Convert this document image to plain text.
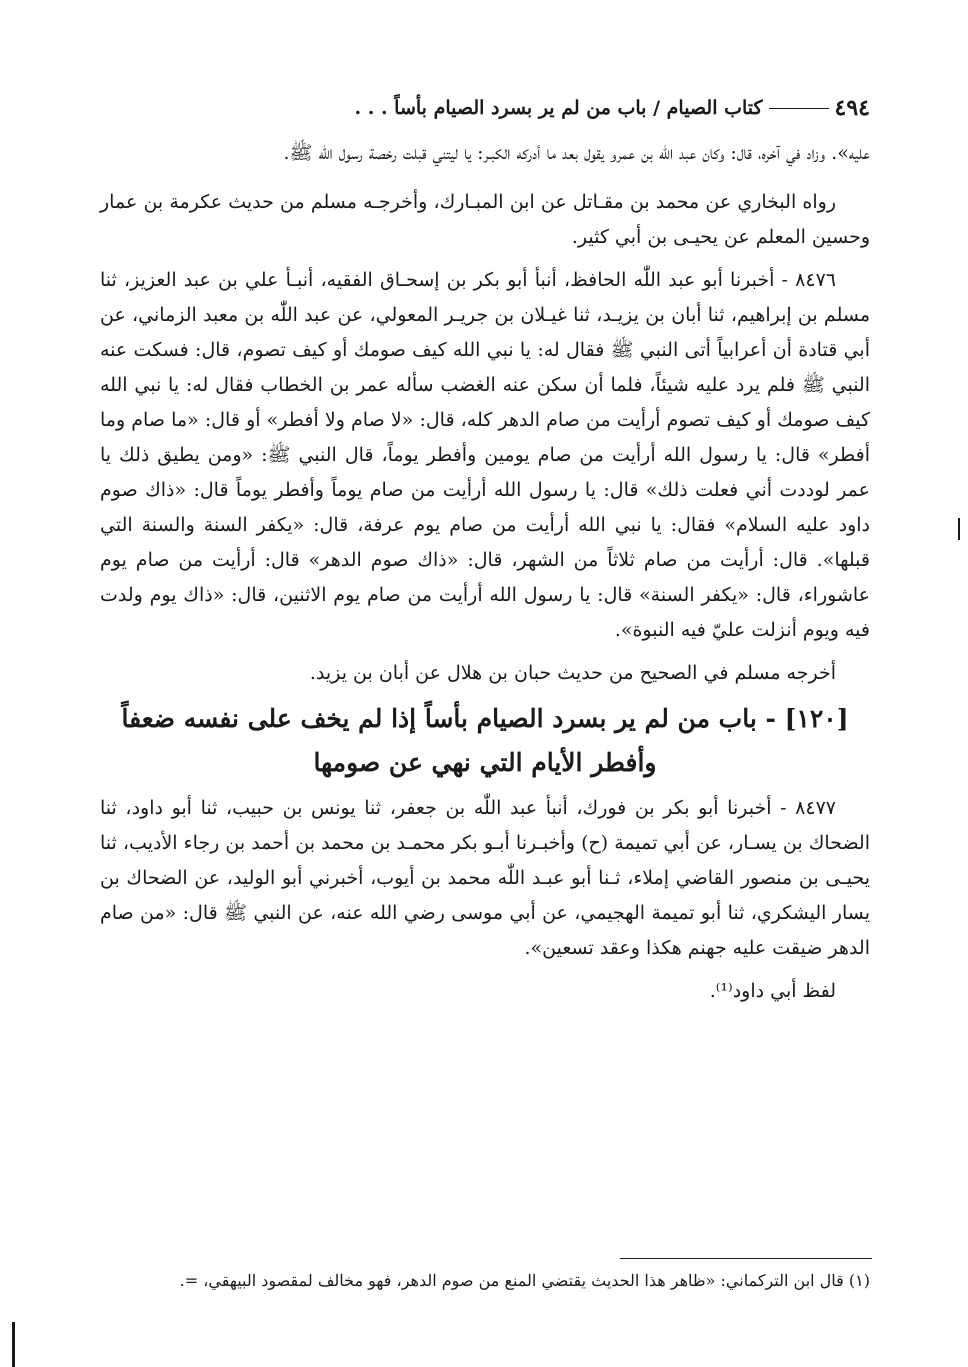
٤٩٤
كتاب الصيام / باب من لم ير بسرد الصيام بأساً . . .

عليه». وزاد في آخره، قال: وكان عبد اللّٰه بن عمرو يقول بعد ما أدركه الكبـر: يا ليتني قبلت رخصة رسول الله ﷺ.

رواه البخاري عن محمد بن مقـاتل عن ابن المبـارك، وأخرجـه مسلم من حديث عكرمة بن عمار وحسين المعلم عن يحيـى بن أبي كثير.

٨٤٧٦ - أخبرنا أبو عبد اللّٰه الحافظ، أنبأ أبو بكر بن إسحـاق الفقيه، أنبـأ علي بن عبد العزيز، ثنا مسلم بن إبراهيم، ثنا أبان بن يزيـد، ثنا غيـلان بن جريـر المعولي، عن عبد اللّٰه بن معبد الزماني، عن أبي قتادة أن أعرابياً أتى النبي ﷺ فقال له: يا نبي الله كيف صومك أو كيف تصوم، قال: فسكت عنه النبي ﷺ فلم يرد عليه شيئاً، فلما أن سكن عنه الغضب سأله عمر بن الخطاب فقال له: يا نبي الله كيف صومك أو كيف تصوم أرأيت من صام الدهر كله، قال: «لا صام ولا أفطر» أو قال: «ما صام وما أفطر» قال: يا رسول الله أرأيت من صام يومين وأفطر يوماً، قال النبي ﷺ: «ومن يطيق ذلك يا عمر لوددت أني فعلت ذلك» قال: يا رسول الله أرأيت من صام يوماً وأفطر يوماً قال: «ذاك صوم داود عليه السلام» فقال: يا نبي الله أرأيت من صام يوم عرفة، قال: «يكفر السنة والسنة التي قبلها». قال: أرأيت من صام ثلاثاً من الشهر، قال: «ذاك صوم الدهر» قال: أرأيت من صام يوم عاشوراء، قال: «يكفر السنة» قال: يا رسول الله أرأيت من صام يوم الاثنين، قال: «ذاك يوم ولدت فيه ويوم أنزلت عليّ فيه النبوة».

أخرجه مسلم في الصحيح من حديث حبان بن هلال عن أبان بن يزيد.

[١٢٠] - باب من لم ير بسرد الصيام بأساً إذا لم يخف على نفسه ضعفاً وأفطر الأيام التي نهي عن صومها

٨٤٧٧ - أخبرنا أبو بكر بن فورك، أنبأ عبد اللّٰه بن جعفر، ثنا يونس بن حبيب، ثنا أبو داود، ثنا الضحاك بن يسـار، عن أبي تميمة (ح) وأخبـرنا أبـو بكر محمـد بن محمد بن أحمد بن رجاء الأديب، ثنا يحيـى بن منصور القاضي إملاء، ثـنا أبو عبـد اللّٰه محمد بن أيوب، أخبرني أبو الوليد، عن الضحاك بن يسار اليشكري، ثنا أبو تميمة الهجيمي، عن أبي موسى رضي الله عنه، عن النبي ﷺ قال: «من صام الدهر ضيقت عليه جهنم هكذا وعقد تسعين».

لفظ أبي داود⁽¹⁾.

(١) قال ابن التركماني: «ظاهر هذا الحديث يقتضي المنع من صوم الدهر، فهو مخالف لمقصود البيهقي، =.
